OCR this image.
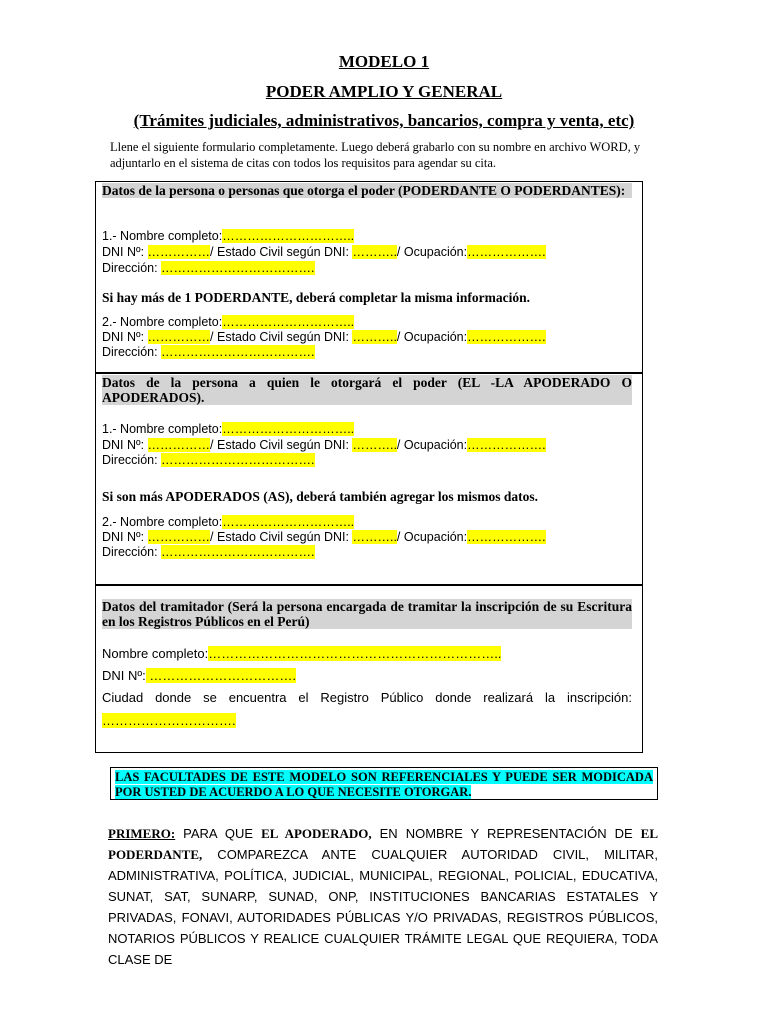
MODELO 1
PODER AMPLIO Y GENERAL
(Trámites judiciales, administrativos, bancarios, compra y venta, etc)
Llene el siguiente formulario completamente. Luego deberá grabarlo con su nombre en archivo WORD, y adjuntarlo en el sistema de citas con todos los requisitos para agendar su cita.
Datos de la persona o personas que otorga el poder (PODERDANTE O PODERDANTES):
1.- Nombre completo:…………………………..
DNI Nº: ……………/ Estado Civil según DNI: ………../ Ocupación:……………….
Dirección: ……………………………….
Si hay más de 1 PODERDANTE, deberá completar la misma información.
2.- Nombre completo:…………………………..
DNI Nº: ……………/ Estado Civil según DNI: ………../ Ocupación:……………….
Dirección: ……………………………….
Datos de la persona a quien le otorgará el poder (EL -LA APODERADO O APODERADOS).
1.- Nombre completo:…………………………..
DNI Nº: ……………/ Estado Civil según DNI: ………../ Ocupación:……………….
Dirección: ……………………………….
Si son más APODERADOS (AS), deberá también agregar los mismos datos.
2.- Nombre completo:…………………………..
DNI Nº: ……………/ Estado Civil según DNI: ………../ Ocupación:……………….
Dirección: ……………………………….
Datos del tramitador (Será la persona encargada de tramitar la inscripción de su Escritura en los Registros Públicos en el Perú)
Nombre completo:…………………………………………………………..
DNI Nº: …………………………….
Ciudad donde se encuentra el Registro Público donde realizará la inscripción:
………………………….
LAS FACULTADES DE ESTE MODELO SON REFERENCIALES Y PUEDE SER MODICADA POR USTED DE ACUERDO A LO QUE NECESITE OTORGAR.
PRIMERO: PARA QUE EL APODERADO, EN NOMBRE Y REPRESENTACIÓN DE EL PODERDANTE, COMPAREZCA ANTE CUALQUIER AUTORIDAD CIVIL, MILITAR, ADMINISTRATIVA, POLÍTICA, JUDICIAL, MUNICIPAL, REGIONAL, POLICIAL, EDUCATIVA, SUNAT, SAT, SUNARP, SUNAD, ONP, INSTITUCIONES BANCARIAS ESTATALES Y PRIVADAS, FONAVI, AUTORIDADES PÚBLICAS Y/O PRIVADAS, REGISTROS PÚBLICOS, NOTARIOS PÚBLICOS Y REALICE CUALQUIER TRÁMITE LEGAL QUE REQUIERA, TODA CLASE DE
